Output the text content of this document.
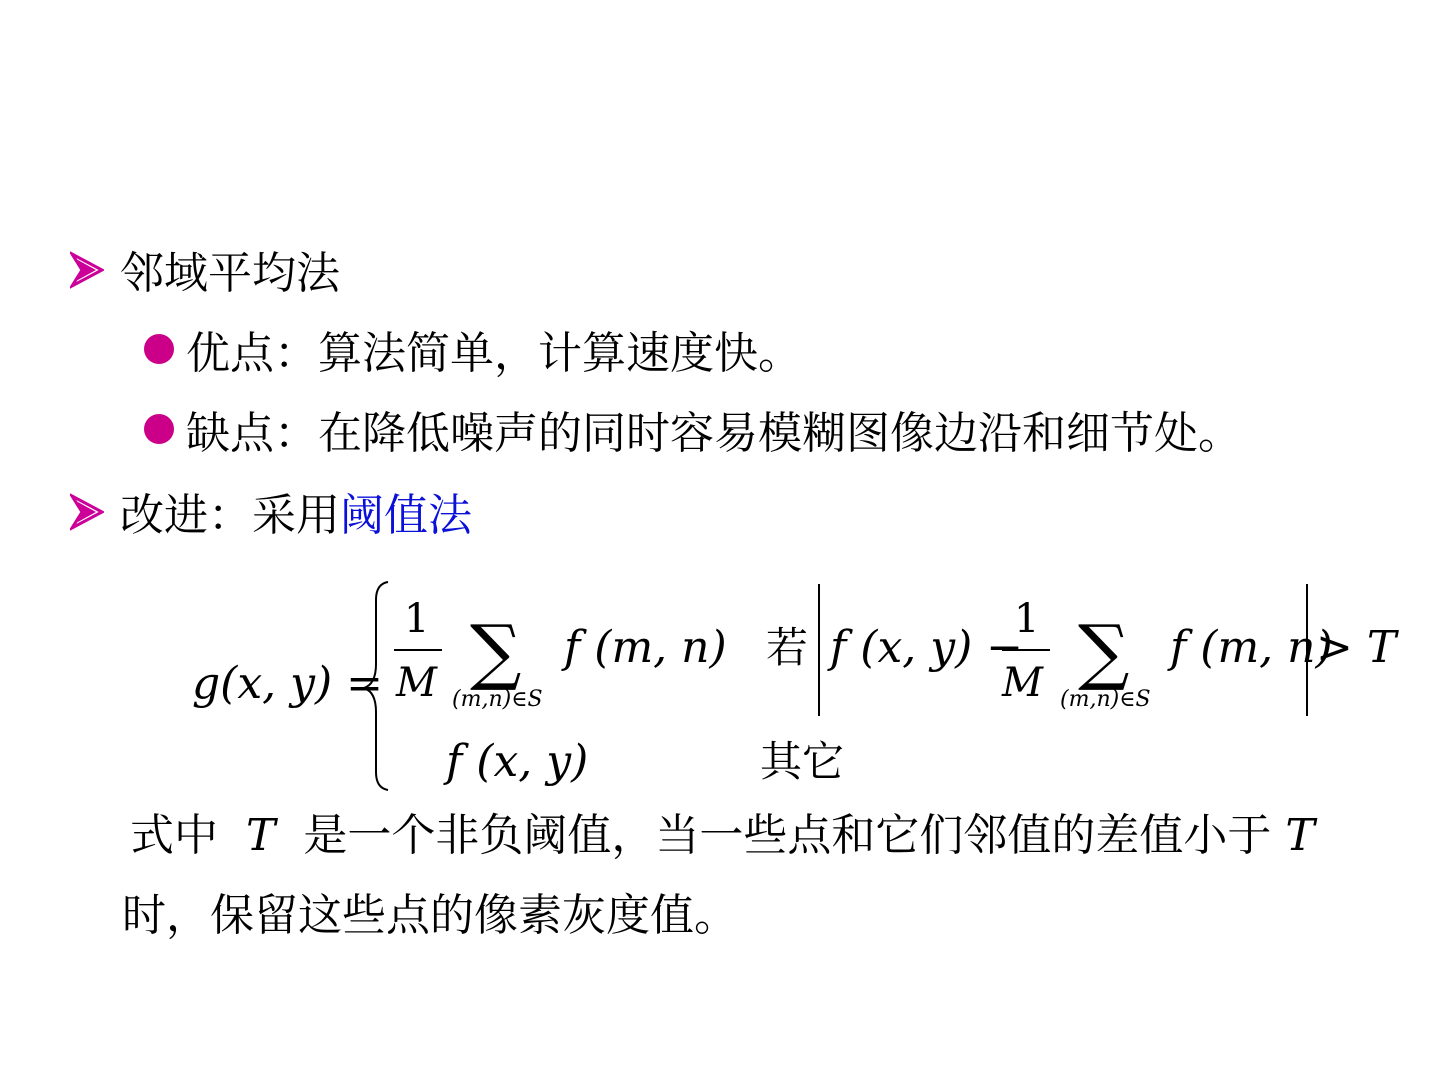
邻域平均法
优点：算法简单，计算速度快。
缺点：在降低噪声的同时容易模糊图像边沿和细节处。
改进：采用阈值法
g(x, y) =
1
M ∑
(m,n)∈S
f (m, n) 若 f (x, y) −
1
M ∑
(m,n)∈S
f (m, n)
> T
f (x, y)	其它
式中 T 是一个非负阈值，当一些点和它们邻值的差值小于 T
时，保留这些点的像素灰度值。
